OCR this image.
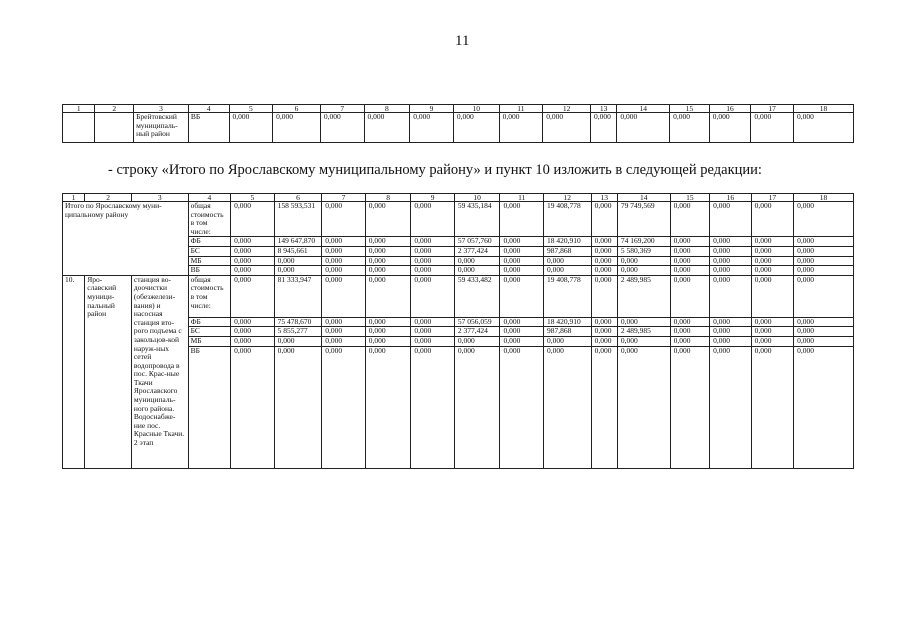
11
1	2	3	4	5	6	7	8	9	10	11	12	13	14	15	16	17	18
		Брейтовский муниципаль-ный район	ВБ	0,000	0,000	0,000	0,000	0,000	0,000	0,000	0,000	0,000	0,000	0,000	0,000	0,000	0,000
- строку «Итого по Ярославскому муниципальному району» и пункт 10 изложить в следующей редакции:
1	2	3	4	5	6	7	8	9	10	11	12	13	14	15	16	17	18
Итого по Ярославскому муни-ципальному району			общая стоимость в том числе:	0,000	158 593,531	0,000	0,000	0,000	59 435,184	0,000	19 408,778	0,000	79 749,569	0,000	0,000	0,000	0,000
			ФБ	0,000	149 647,870	0,000	0,000	0,000	57 057,760	0,000	18 420,910	0,000	74 169,200	0,000	0,000	0,000	0,000
			БС	0,000	8 945,661	0,000	0,000	0,000	2 377,424	0,000	987,868	0,000	5 580,369	0,000	0,000	0,000	0,000
			МБ	0,000	0,000	0,000	0,000	0,000	0,000	0,000	0,000	0,000	0,000	0,000	0,000	0,000	0,000
			ВБ	0,000	0,000	0,000	0,000	0,000	0,000	0,000	0,000	0,000	0,000	0,000	0,000	0,000	0,000
10.	Яро-славский муници-пальный район	станция во-доочистки (обезжелези-вания) и насосная станция вто-рого подъема с закольцов-кой наруж-ных сетей водопровода в пос. Крас-ные Ткачи Ярославского муниципаль-ного района. Водоснабже-ние пос. Красные Ткачи. 2 этап	общая стоимость в том числе:	0,000	81 333,947	0,000	0,000	0,000	59 433,482	0,000	19 408,778	0,000	2 489,985	0,000	0,000	0,000	0,000
			ФБ	0,000	75 478,670	0,000	0,000	0,000	57 056,059	0,000	18 420,910	0,000	0,000	0,000	0,000	0,000	0,000
			БС	0,000	5 855,277	0,000	0,000	0,000	2 377,424	0,000	987,868	0,000	2 489,985	0,000	0,000	0,000	0,000
			МБ	0,000	0,000	0,000	0,000	0,000	0,000	0,000	0,000	0,000	0,000	0,000	0,000	0,000	0,000
			ВБ	0,000	0,000	0,000	0,000	0,000	0,000	0,000	0,000	0,000	0,000	0,000	0,000	0,000	0,000
